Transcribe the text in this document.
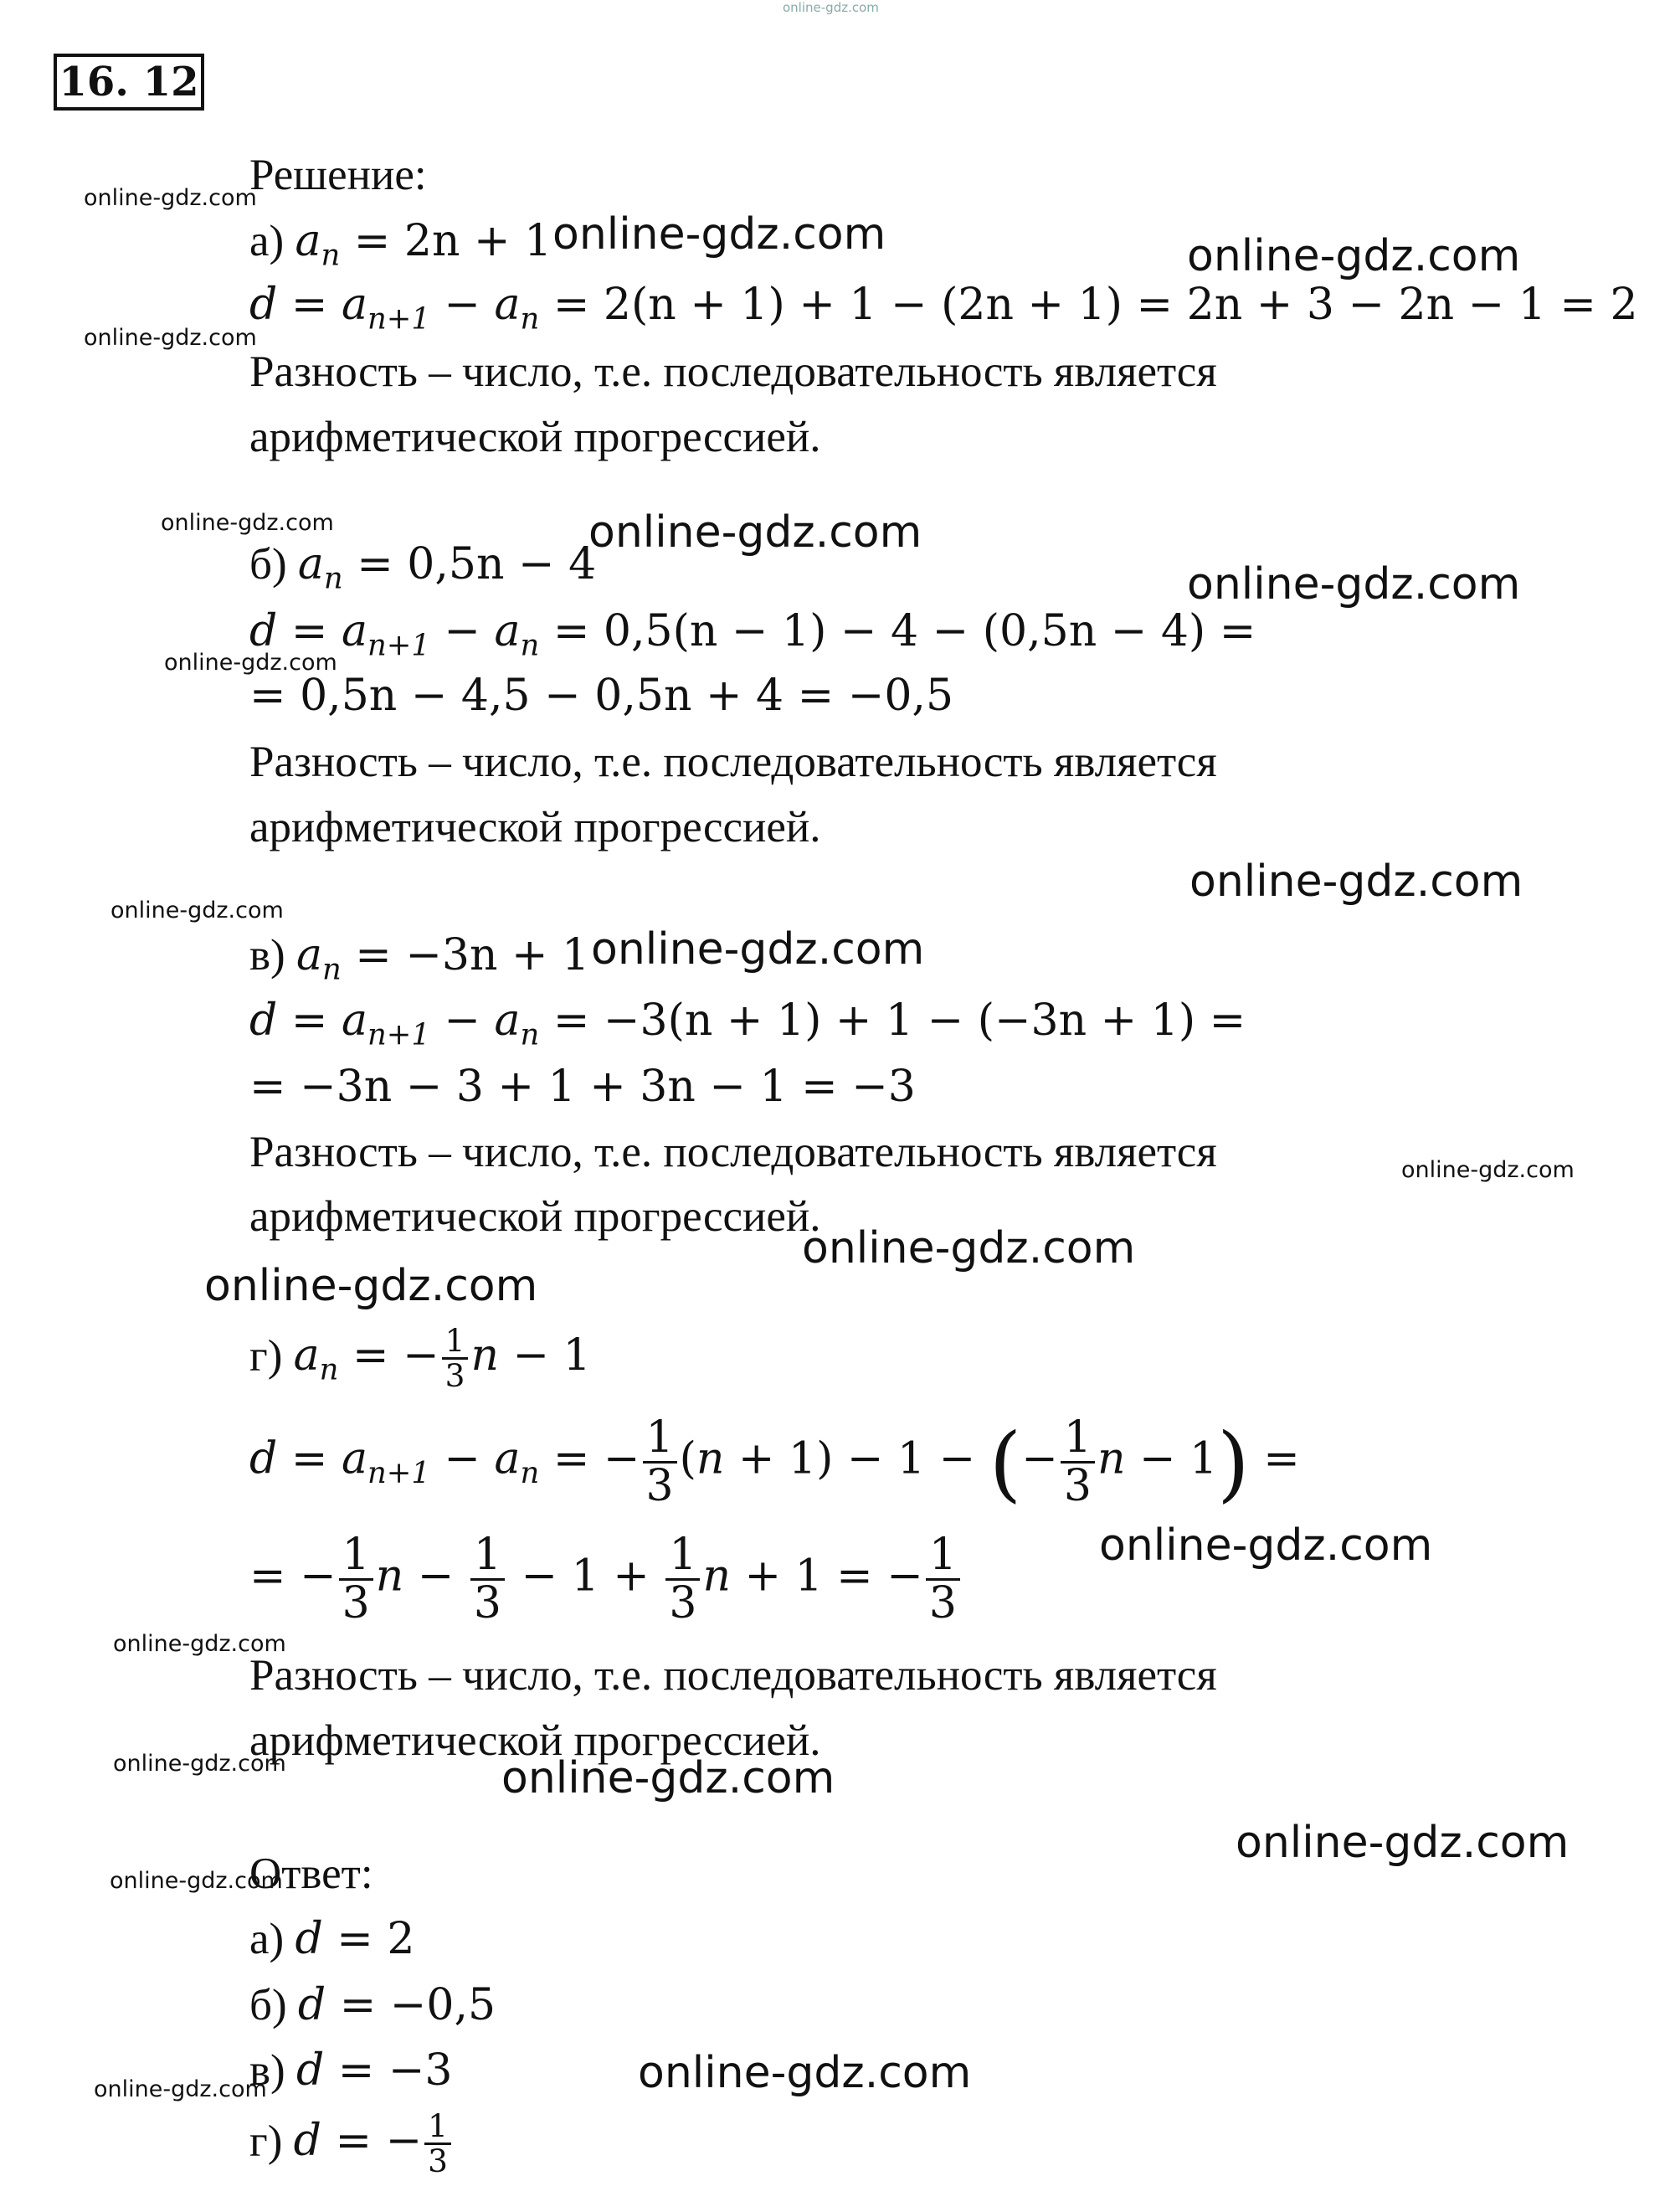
online-gdz.com
16. 12
Решение:
а) $a_n = 2n + 1$
$d = a_{n+1} - a_n = 2(n + 1) + 1 - (2n + 1) = 2n + 3 - 2n - 1 = 2$
Разность – число, т.е. последовательность является
арифметической прогрессией.
б) $a_n = 0,5n - 4$
$d = a_{n+1} - a_n = 0,5(n - 1) - 4 - (0,5n - 4)$ =
= 0,5n − 4,5 − 0,5n + 4 = −0,5
Разность – число, т.е. последовательность является
арифметической прогрессией.
в) $a_n = -3n + 1$
$d = a_{n+1} - a_n = -3(n + 1) + 1 - (-3n + 1)$ =
= −3n − 3 + 1 + 3n − 1 = −3
Разность – число, т.е. последовательность является
арифметической прогрессией.
г) $a_n$ = − $\frac{1}{3}$ n − 1
$d = a_{n+1} - a_n$ = − $\frac{1}{3} (n + 1) - 1$ − (− $\frac{1}{3}$ n − 1) =
= − $\frac{1}{3}$ $n - \frac{1}{3} - 1 + \frac{1}{3}$ n + 1 = − $\frac{1}{3}$
Разность – число, т.е. последовательность является
арифметической прогрессией.
Ответ:
а) d = 2
б) d = −0,5
в) d = −3
г) d = − $\frac{1}{3}$
online-gdz.com
online-gdz.com	online-gdz.com
online-gdz.com
online-gdz.com	online-gdz.com
online-gdz.com
online-gdz.com
online-gdz.com
online-gdz.com
online-gdz.com
online-gdz.com
online-gdz.com
online-gdz.com
online-gdz.com
online-gdz.com
online-gdz.com	online-gdz.com
online-gdz.com
online-gdz.com
online-gdz.com
online-gdz.com
